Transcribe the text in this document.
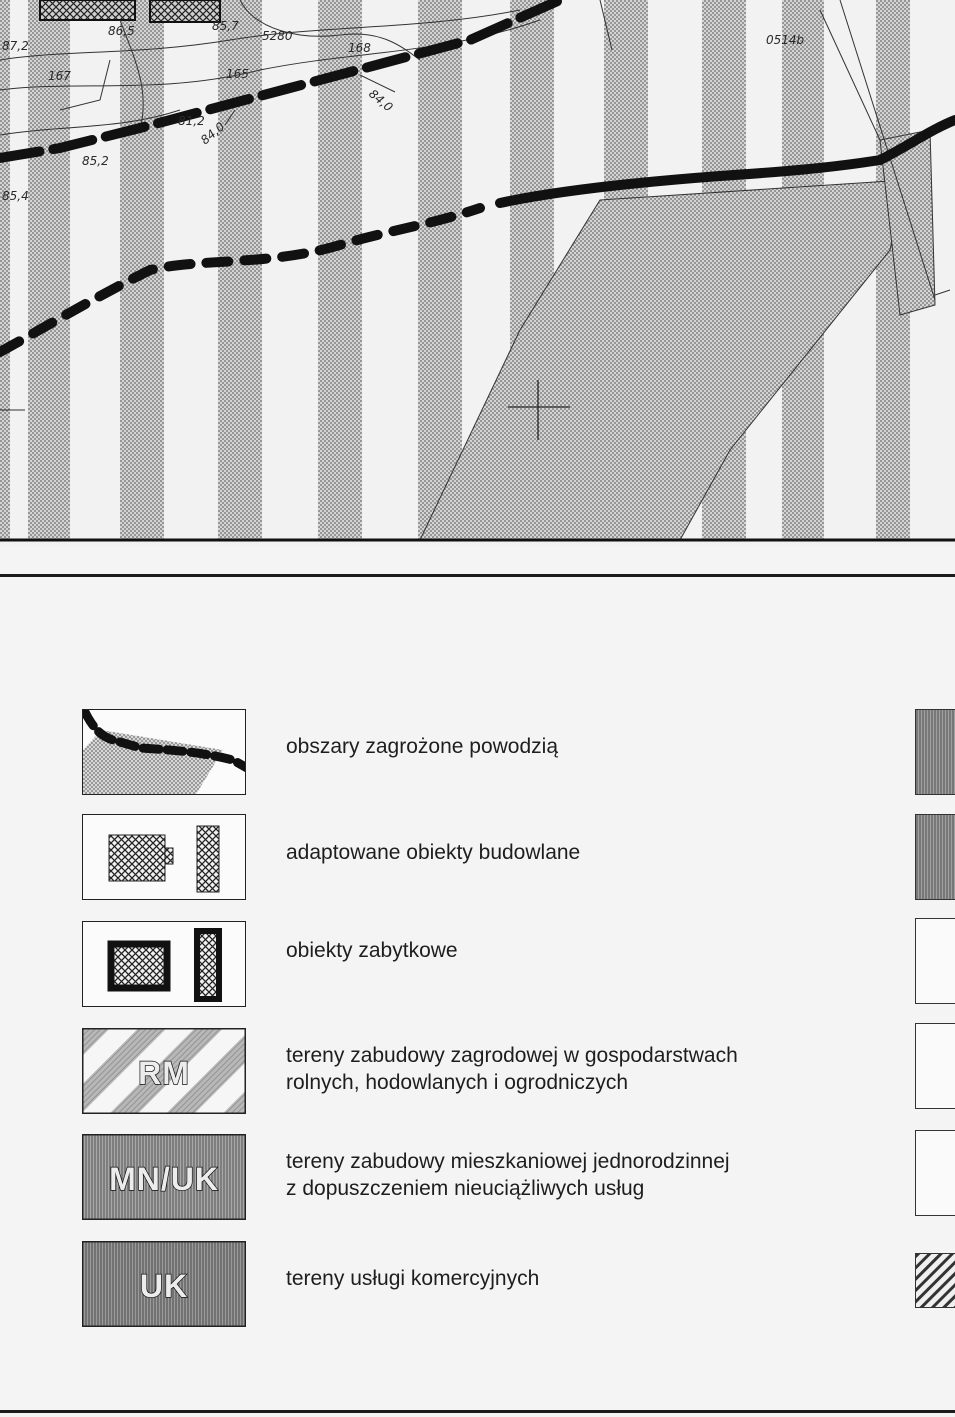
87,2
86,5	85,7
5280
84,0
84,0
81,2
85,2
85,4
167	165
168
0514b
obszary zagrożone powodzią
adaptowane obiekty budowlane
obiekty zabytkowe
RM	tereny zabudowy zagrodowej w gospodarstwach
rolnych, hodowlanych i ogrodniczych
MN/UK	tereny zabudowy mieszkaniowej jednorodzinnej
z dopuszczeniem nieuciążliwych usług
UK	tereny usługi komercyjnych
